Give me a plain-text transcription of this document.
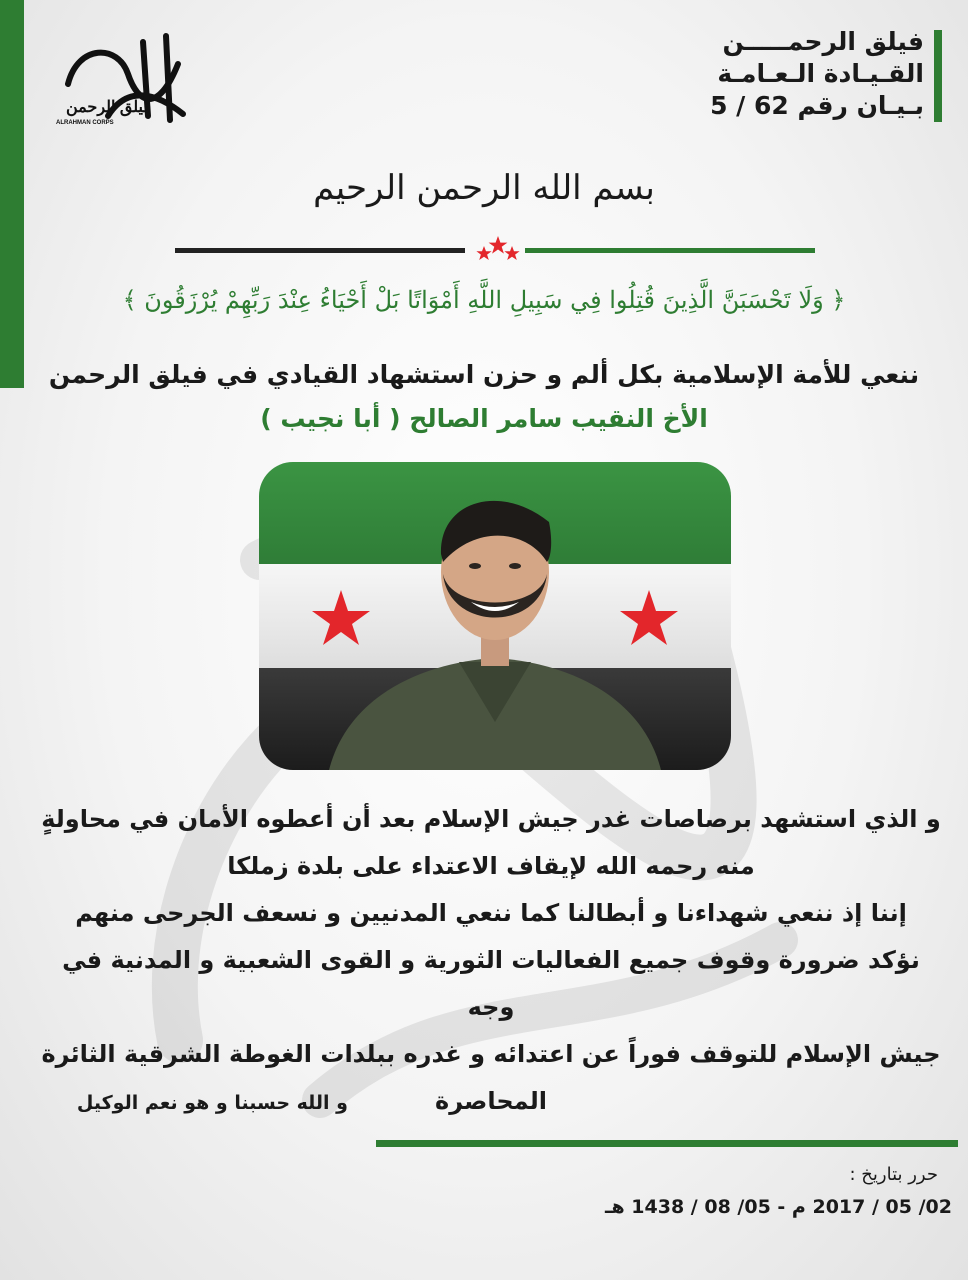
فيلق الرحمـــــن
القـيـادة الـعـامـة
بـيـان رقم 62 / 5
فيلق الرحمن
ALRAHMAN CORPS
بسم الله الرحمن الرحيم
﴿ وَلَا تَحْسَبَنَّ الَّذِينَ قُتِلُوا فِي سَبِيلِ اللَّهِ أَمْوَاتًا بَلْ أَحْيَاءُ عِنْدَ رَبِّهِمْ يُرْزَقُونَ ﴾
ننعي للأمة الإسلامية بكل ألم و حزن استشهاد القيادي في فيلق الرحمن
الأخ النقيب سامر الصالح ( أبا نجيب )

و الذي استشهد برصاصات غدر جيش الإسلام بعد أن أعطوه الأمان في محاولةٍ

منه رحمه الله لإيقاف الاعتداء على بلدة زملكا

إننا إذ ننعي شهداءنا و أبطالنا كما ننعي المدنيين و نسعف الجرحى منهم

نؤكد ضرورة وقوف جميع الفعاليات الثورية و القوى الشعبية و المدنية في وجه

جيش الإسلام للتوقف فوراً عن اعتدائه و غدره ببلدات الغوطة الشرقية الثائرة

المحاصرة

و الله حسبنا و هو نعم الوكيل
حرر بتاريخ :
02/ 05 / 2017 م - 05/ 08 / 1438 هـ
